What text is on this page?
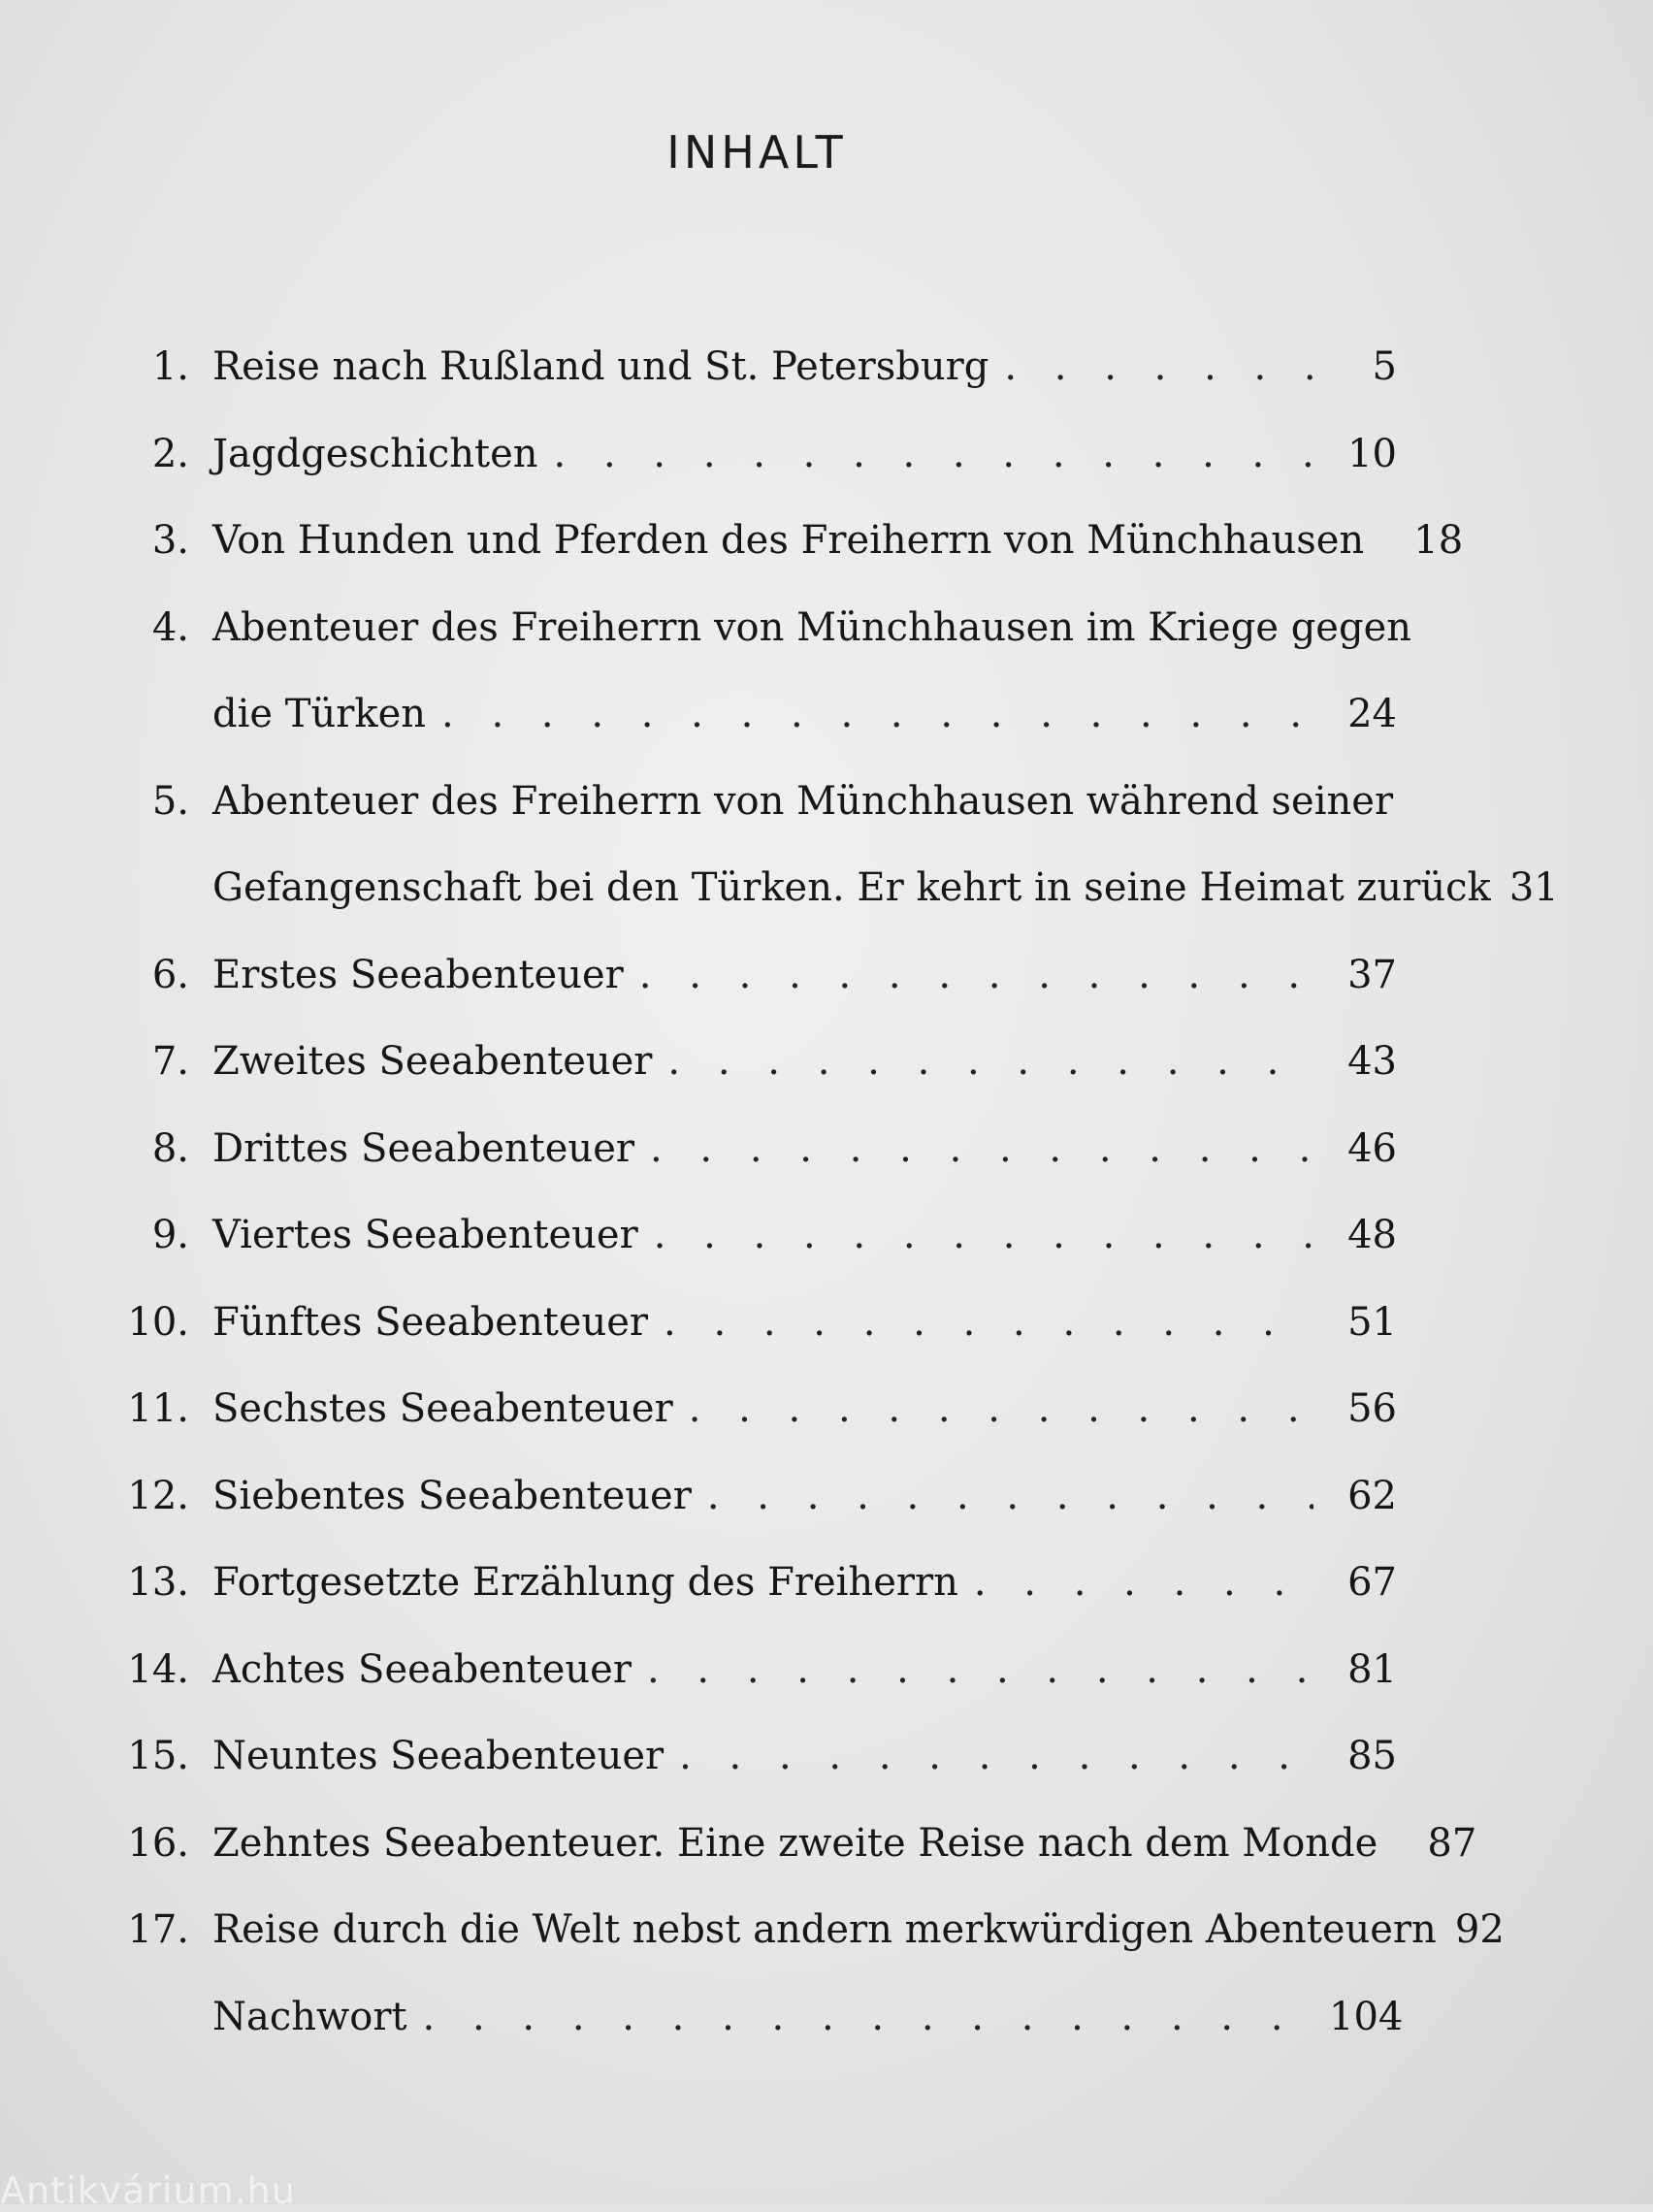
INHALT
1. Reise nach Rußland und St. Petersburg . . .	5
2. Jagdgeschichten . . .	10
3. Von Hunden und Pferden des Freiherrn von Münchhausen	18
4. Abenteuer des Freiherrn von Münchhausen im Kriege gegen
die Türken . . .	24
5. Abenteuer des Freiherrn von Münchhausen während seiner
Gefangenschaft bei den Türken. Er kehrt in seine Heimat zurück 31
6. Erstes Seeabenteuer . . .	37
7. Zweites Seeabenteuer . . .	43
8. Drittes Seeabenteuer . . .	46
9. Viertes Seeabenteuer . . .	48
10. Fünftes Seeabenteuer . . .	51
11. Sechstes Seeabenteuer . . .	56
12. Siebentes Seeabenteuer . . .	62
13. Fortgesetzte Erzählung des Freiherrn . . .	67
14. Achtes Seeabenteuer . . .	81
15. Neuntes Seeabenteuer . . .	85
16. Zehntes Seeabenteuer. Eine zweite Reise nach dem Monde	87
17. Reise durch die Welt nebst andern merkwürdigen Abenteuern 92
Nachwort . . .	104
Antikvárium.hu
